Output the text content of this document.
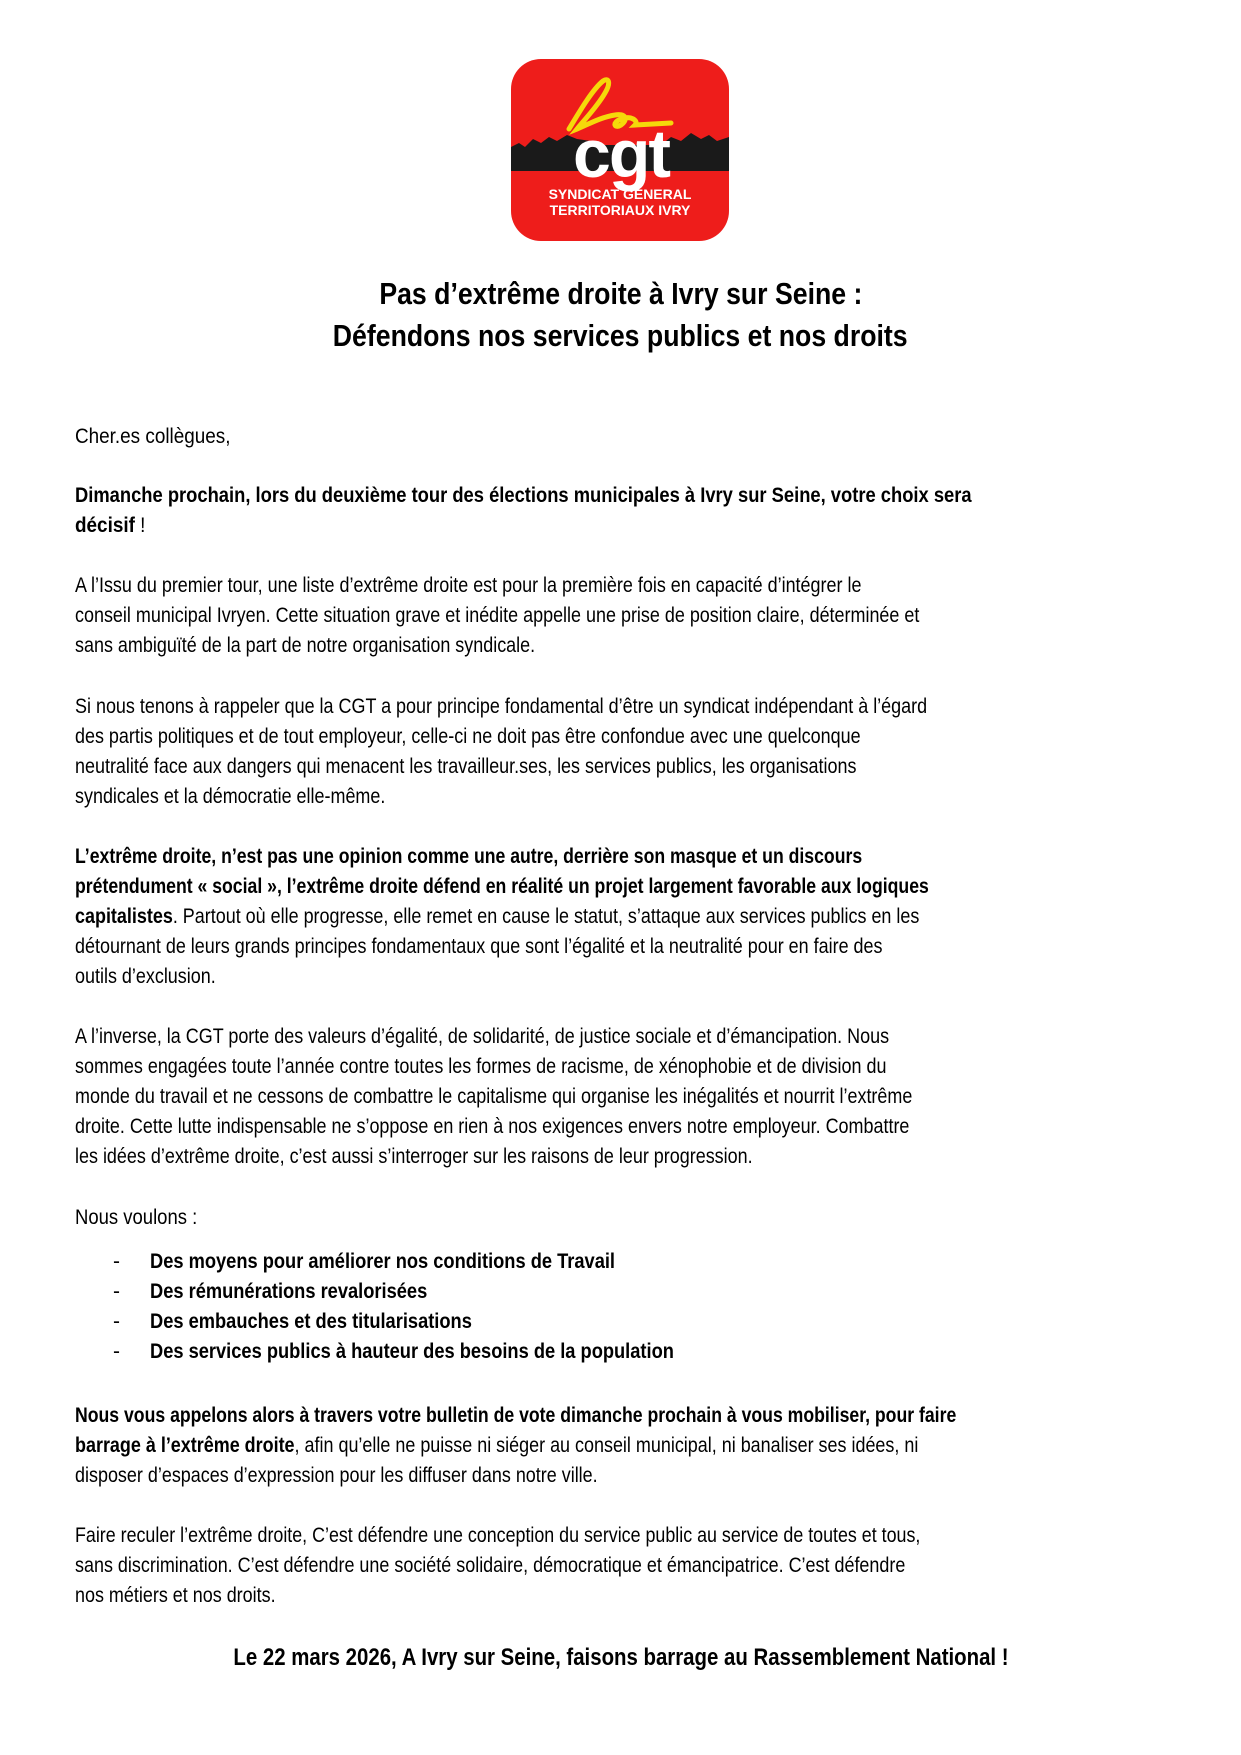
cgt
SYNDICAT GENERAL
TERRITORIAUX IVRY
Pas d’extrême droite à Ivry sur Seine :
Défendons nos services publics et nos droits
Cher.es collègues,
Dimanche prochain, lors du deuxième tour des élections municipales à Ivry sur Seine, votre choix sera
décisif !
A l’Issu du premier tour, une liste d’extrême droite est pour la première fois en capacité d’intégrer le
conseil municipal Ivryen. Cette situation grave et inédite appelle une prise de position claire, déterminée et
sans ambiguïté de la part de notre organisation syndicale.
Si nous tenons à rappeler que la CGT a pour principe fondamental d’être un syndicat indépendant à l’égard
des partis politiques et de tout employeur, celle-ci ne doit pas être confondue avec une quelconque
neutralité face aux dangers qui menacent les travailleur.ses, les services publics, les organisations
syndicales et la démocratie elle-même.
L’extrême droite, n’est pas une opinion comme une autre, derrière son masque et un discours
prétendument « social », l’extrême droite défend en réalité un projet largement favorable aux logiques
capitalistes. Partout où elle progresse, elle remet en cause le statut, s’attaque aux services publics en les
détournant de leurs grands principes fondamentaux que sont l’égalité et la neutralité pour en faire des
outils d’exclusion.
A l’inverse, la CGT porte des valeurs d’égalité, de solidarité, de justice sociale et d’émancipation. Nous
sommes engagées toute l’année contre toutes les formes de racisme, de xénophobie et de division du
monde du travail et ne cessons de combattre le capitalisme qui organise les inégalités et nourrit l’extrême
droite. Cette lutte indispensable ne s’oppose en rien à nos exigences envers notre employeur. Combattre
les idées d’extrême droite, c’est aussi s’interroger sur les raisons de leur progression.
Nous voulons :
- Des moyens pour améliorer nos conditions de Travail
- Des rémunérations revalorisées
- Des embauches et des titularisations
- Des services publics à hauteur des besoins de la population
Nous vous appelons alors à travers votre bulletin de vote dimanche prochain à vous mobiliser, pour faire
barrage à l’extrême droite, afin qu’elle ne puisse ni siéger au conseil municipal, ni banaliser ses idées, ni
disposer d’espaces d’expression pour les diffuser dans notre ville.
Faire reculer l’extrême droite, C’est défendre une conception du service public au service de toutes et tous,
sans discrimination. C’est défendre une société solidaire, démocratique et émancipatrice. C’est défendre
nos métiers et nos droits.
Le 22 mars 2026, A Ivry sur Seine, faisons barrage au Rassemblement National !
